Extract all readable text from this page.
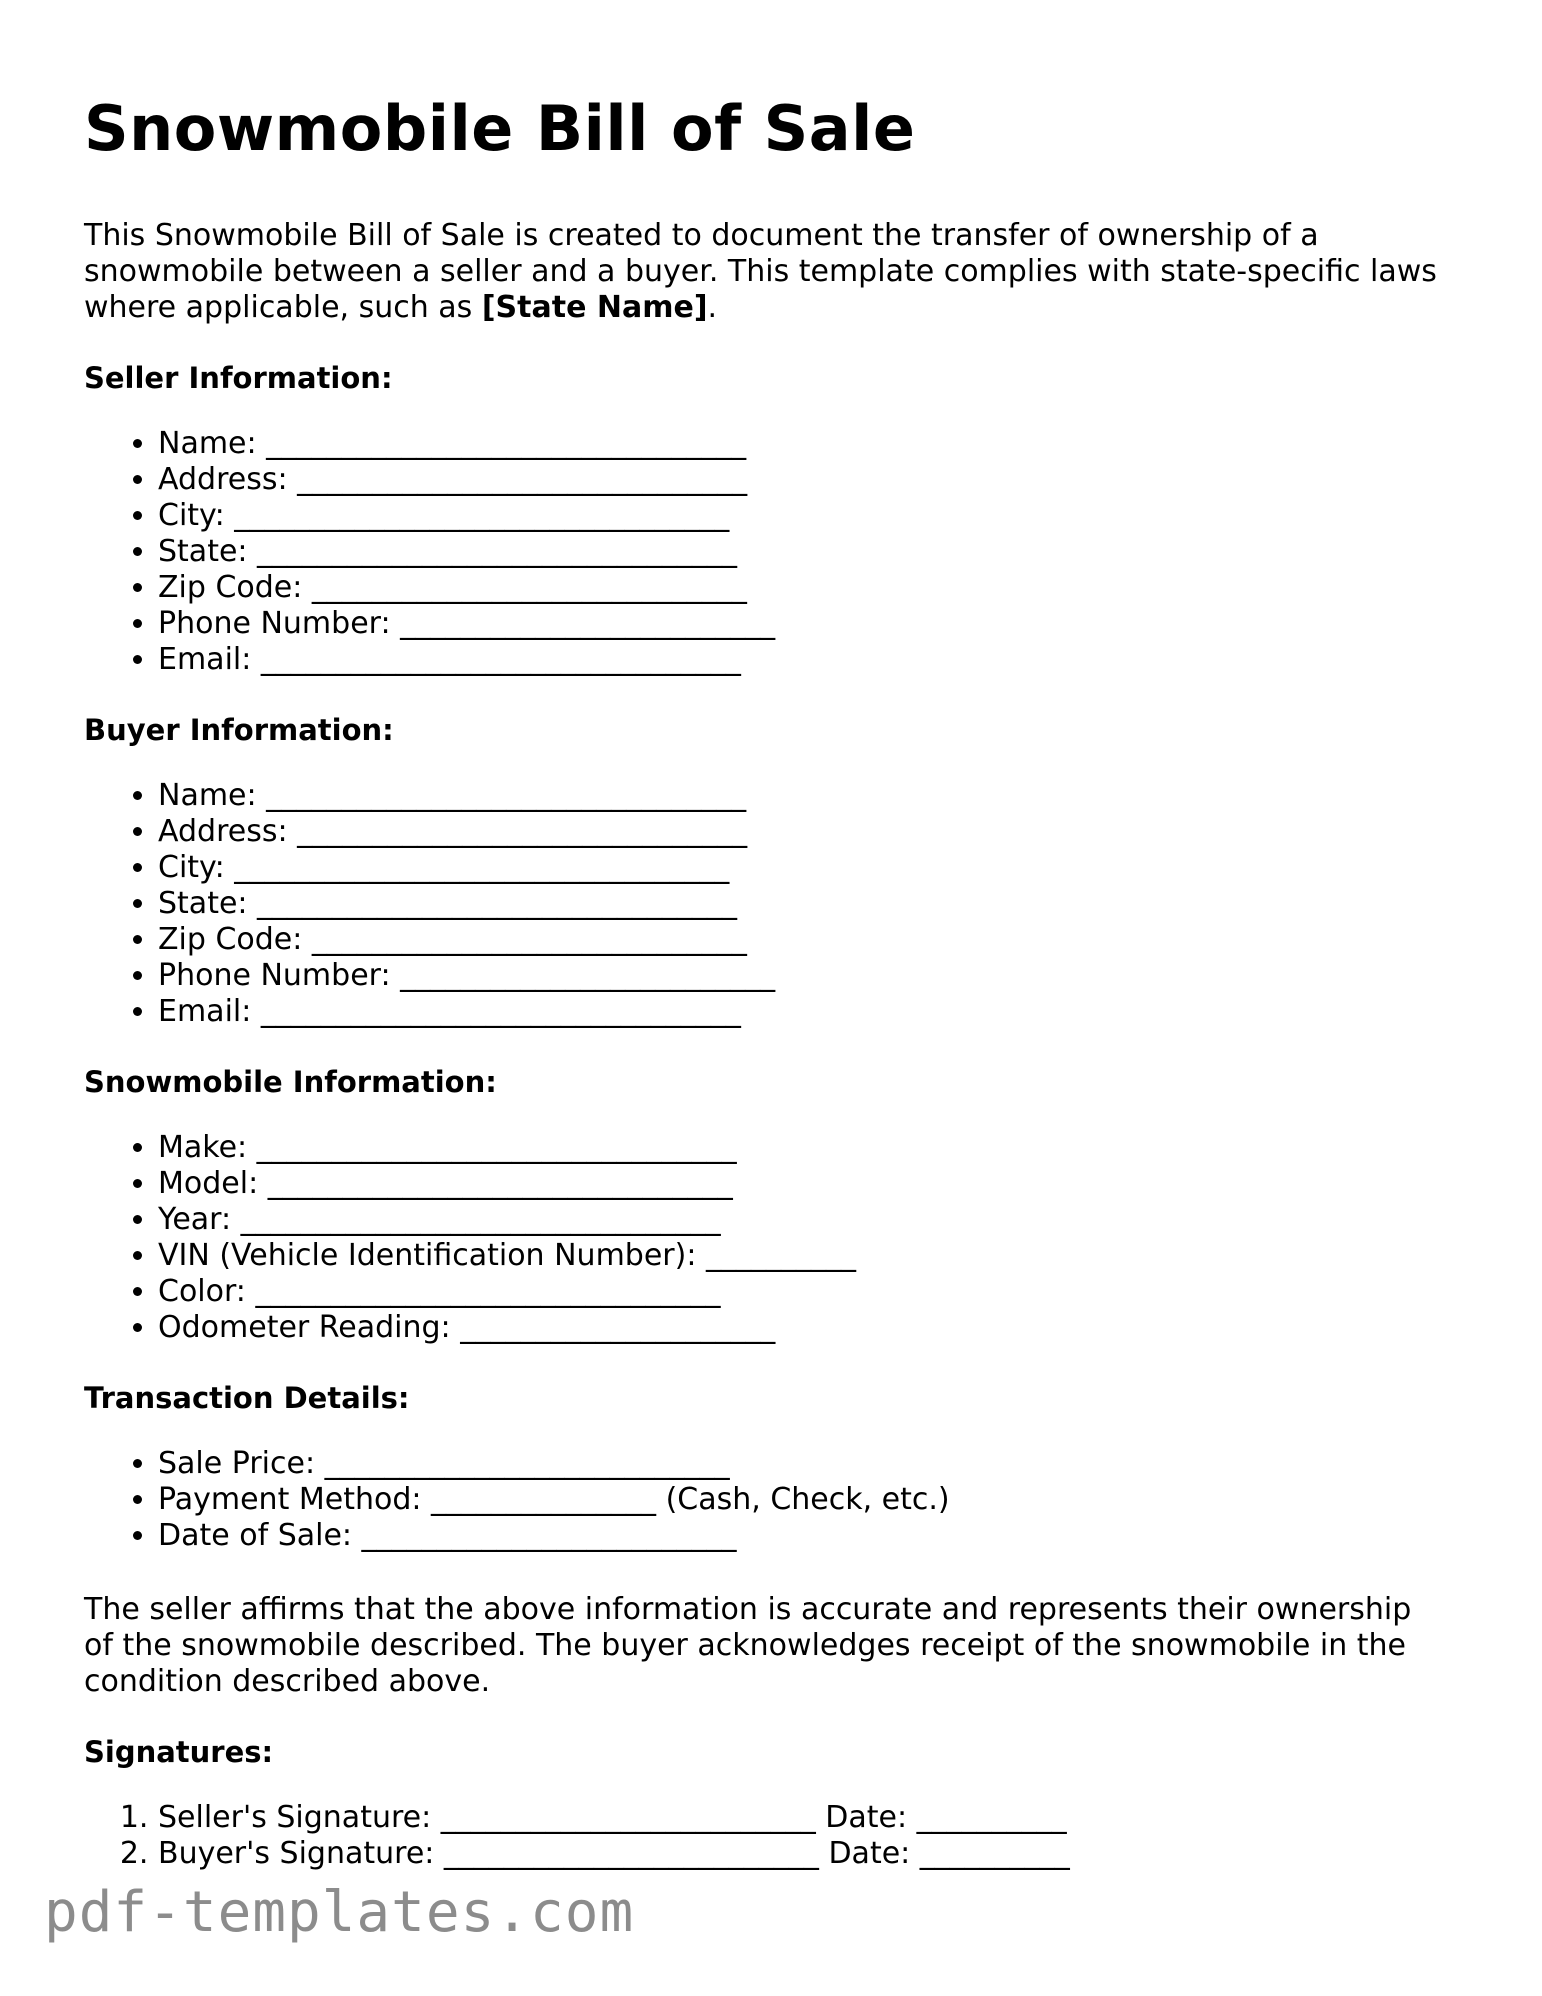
Snowmobile Bill of Sale

This Snowmobile Bill of Sale is created to document the transfer of ownership of a snowmobile between a seller and a buyer. This template complies with state-specific laws where applicable, such as [State Name].

Seller Information:
• Name: ________________________________
• Address: ______________________________
• City: _________________________________
• State: ________________________________
• Zip Code: _____________________________
• Phone Number: _________________________
• Email: ________________________________
Buyer Information:
• Name: ________________________________
• Address: ______________________________
• City: _________________________________
• State: ________________________________
• Zip Code: _____________________________
• Phone Number: _________________________
• Email: ________________________________
Snowmobile Information:
• Make: ________________________________
• Model: _______________________________
• Year: ________________________________
• VIN (Vehicle Identification Number): __________
• Color: _______________________________
• Odometer Reading: _____________________
Transaction Details:
• Sale Price: ___________________________
• Payment Method: _______________ (Cash, Check, etc.)
• Date of Sale: _________________________

The seller affirms that the above information is accurate and represents their ownership of the snowmobile described. The buyer acknowledges receipt of the snowmobile in the condition described above.

Signatures:
1. Seller's Signature: _________________________ Date: __________
2. Buyer's Signature: _________________________ Date: __________
pdf-templates.com
